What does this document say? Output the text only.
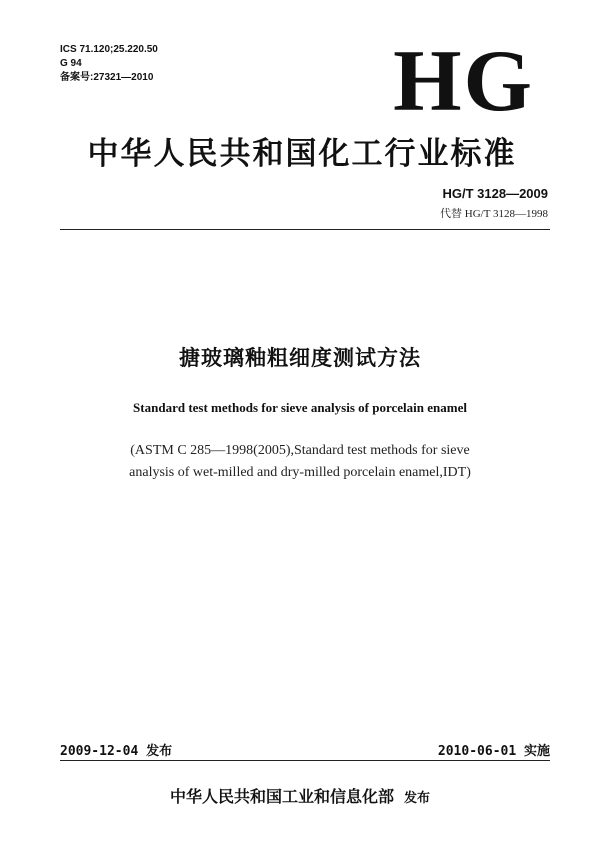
ICS 71.120;25.220.50
G 94
备案号:27321—2010	HG
中华人民共和国化工行业标准
HG/T 3128—2009
代替 HG/T 3128—1998
搪玻璃釉粗细度测试方法
Standard test methods for sieve analysis of porcelain enamel
(ASTM C 285—1998(2005),Standard test methods for sieve
analysis of wet-milled and dry-milled porcelain enamel,IDT)
2009-12-04 发布	2010-06-01 实施
中华人民共和国工业和信息化部 发布
